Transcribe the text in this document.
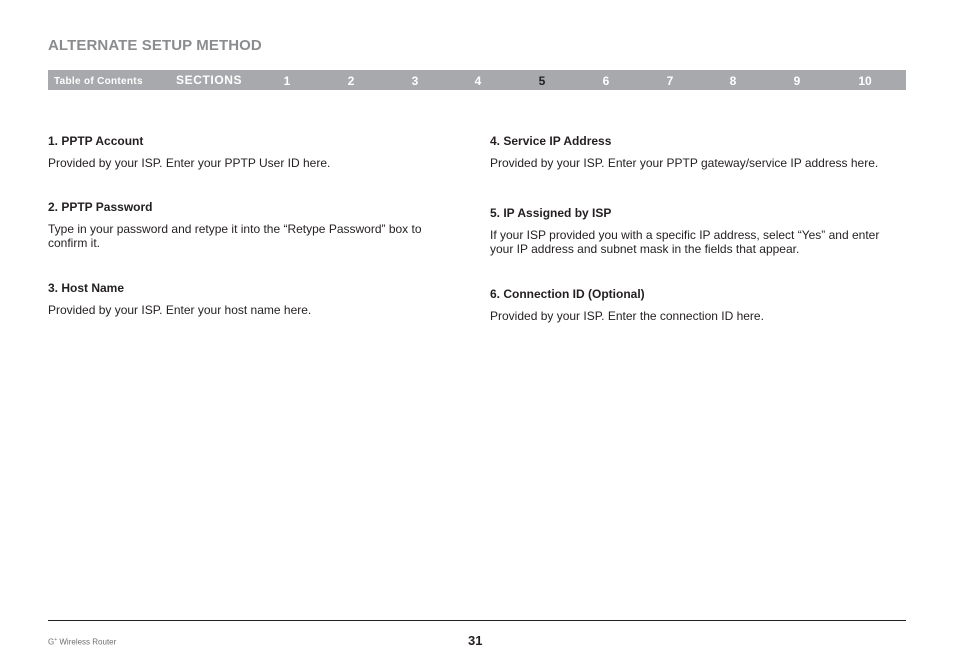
ALTERNATE SETUP METHOD
Table of Contents	SECTIONS	1	2	3	4	5	6	7	8	9	10
1. PPTP Account

Provided by your ISP. Enter your PPTP User ID here.

2. PPTP Password

Type in your password and retype it into the “Retype Password” box to confirm it.

3. Host Name

Provided by your ISP. Enter your host name here.

4. Service IP Address

Provided by your ISP. Enter your PPTP gateway/service IP address here.

5. IP Assigned by ISP

If your ISP provided you with a specific IP address, select “Yes” and enter your IP address and subnet mask in the fields that appear.

6. Connection ID (Optional)

Provided by your ISP. Enter the connection ID here.

G+ Wireless Router	31
